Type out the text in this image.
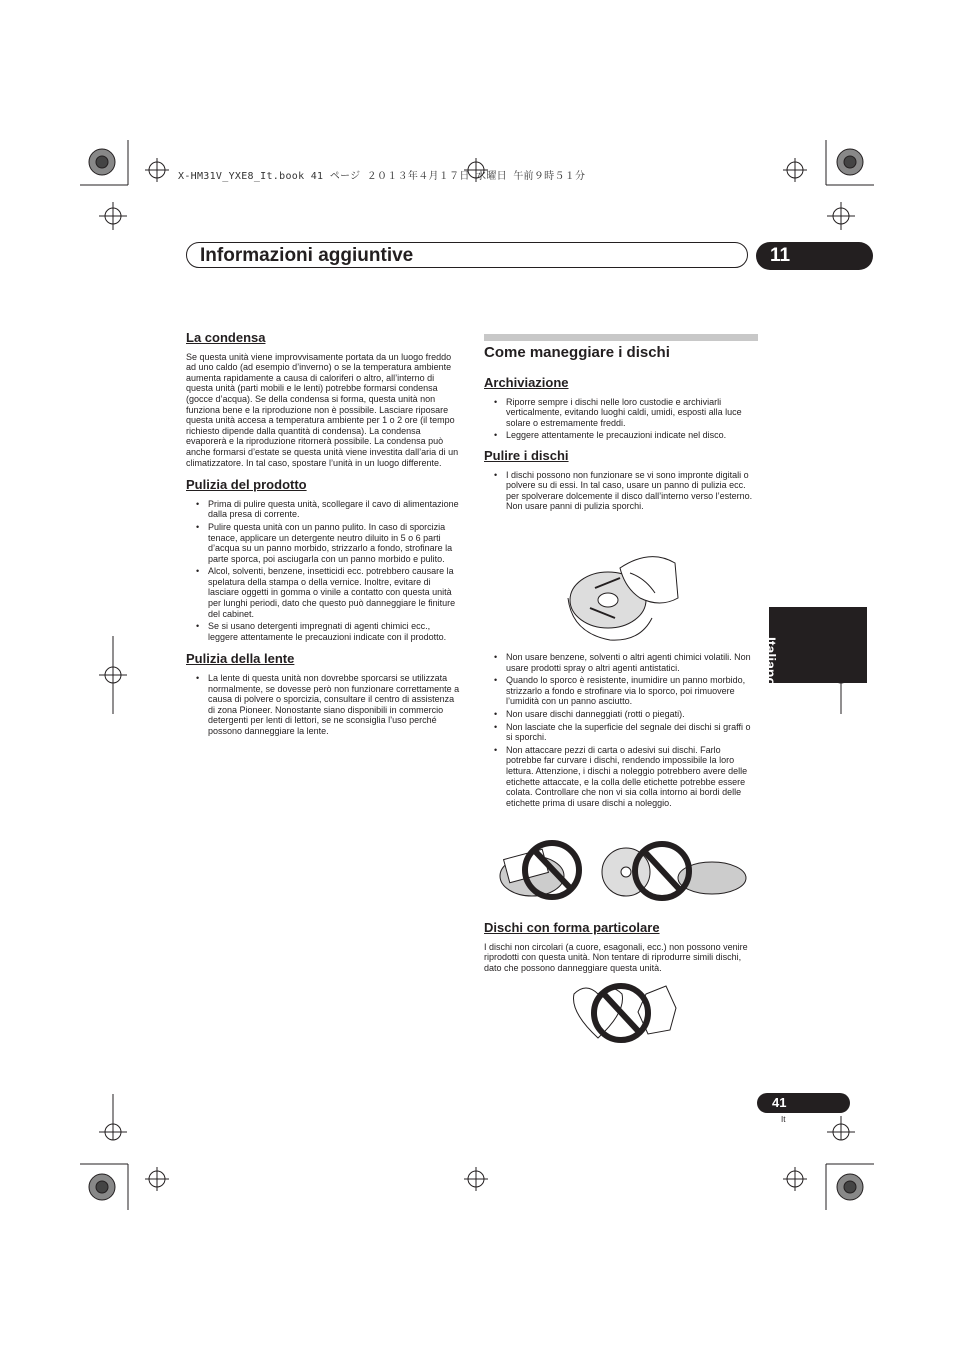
X-HM31V_YXE8_It.book 41 ページ ２０１３年４月１７日 水曜日 午前９時５１分
Informazioni aggiuntive	11
Italiano
La condensa

Se questa unità viene improvvisamente portata da un luogo freddo ad uno caldo (ad esempio d’inverno) o se la temperatura ambiente aumenta rapidamente a causa di caloriferi o altro, all’interno di questa unità (parti mobili e le lenti) potrebbe formarsi condensa (gocce d’acqua). Se della condensa si forma, questa unità non funziona bene e la riproduzione non è possibile. Lasciare riposare questa unità accesa a temperatura ambiente per 1 o 2 ore (il tempo richiesto dipende dalla quantità di condensa). La condensa evaporerà e la riproduzione ritornerà possibile. La condensa può anche formarsi d’estate se questa unità viene investita dall’aria di un climatizzatore. In tal caso, spostare l’unità in un luogo differente.

Pulizia del prodotto
• Prima di pulire questa unità, scollegare il cavo di alimentazione dalla presa di corrente.
• Pulire questa unità con un panno pulito. In caso di sporcizia tenace, applicare un detergente neutro diluito in 5 o 6 parti d’acqua su un panno morbido, strizzarlo a fondo, strofinare la parte sporca, poi asciugarla con un panno morbido e pulito.
• Alcol, solventi, benzene, insetticidi ecc. potrebbero causare la spelatura della stampa o della vernice. Inoltre, evitare di lasciare oggetti in gomma o vinile a contatto con questa unità per lunghi periodi, dato che questo può danneggiare le finiture del cabinet.
• Se si usano detergenti impregnati di agenti chimici ecc., leggere attentamente le precauzioni indicate con il prodotto.
Pulizia della lente
• La lente di questa unità non dovrebbe sporcarsi se utilizzata normalmente, se dovesse però non funzionare correttamente a causa di polvere o sporcizia, consultare il centro di assistenza di zona Pioneer. Nonostante siano disponibili in commercio detergenti per lenti di lettori, se ne sconsiglia l’uso perché possono danneggiare la lente.
Come maneggiare i dischi
Archiviazione
• Riporre sempre i dischi nelle loro custodie e archiviarli verticalmente, evitando luoghi caldi, umidi, esposti alla luce solare o estremamente freddi.
• Leggere attentamente le precauzioni indicate nel disco.
Pulire i dischi
• I dischi possono non funzionare se vi sono impronte digitali o polvere su di essi. In tal caso, usare un panno di pulizia ecc. per spolverare dolcemente il disco dall’interno verso l’esterno. Non usare panni di pulizia sporchi.
• Non usare benzene, solventi o altri agenti chimici volatili. Non usare prodotti spray o altri agenti antistatici.
• Quando lo sporco è resistente, inumidire un panno morbido, strizzarlo a fondo e strofinare via lo sporco, poi rimuovere l’umidità con un panno asciutto.
• Non usare dischi danneggiati (rotti o piegati).
• Non lasciate che la superficie del segnale dei dischi si graffi o si sporchi.
• Non attaccare pezzi di carta o adesivi sui dischi. Farlo potrebbe far curvare i dischi, rendendo impossibile la loro lettura. Attenzione, i dischi a noleggio potrebbero avere delle etichette attaccate, e la colla delle etichette potrebbe essere colata. Controllare che non vi sia colla intorno ai bordi delle etichette prima di usare dischi a noleggio.
Dischi con forma particolare

I dischi non circolari (a cuore, esagonali, ecc.) non possono venire riprodotti con questa unità. Non tentare di riprodurre simili dischi, dato che possono danneggiare questa unità.

41
It
